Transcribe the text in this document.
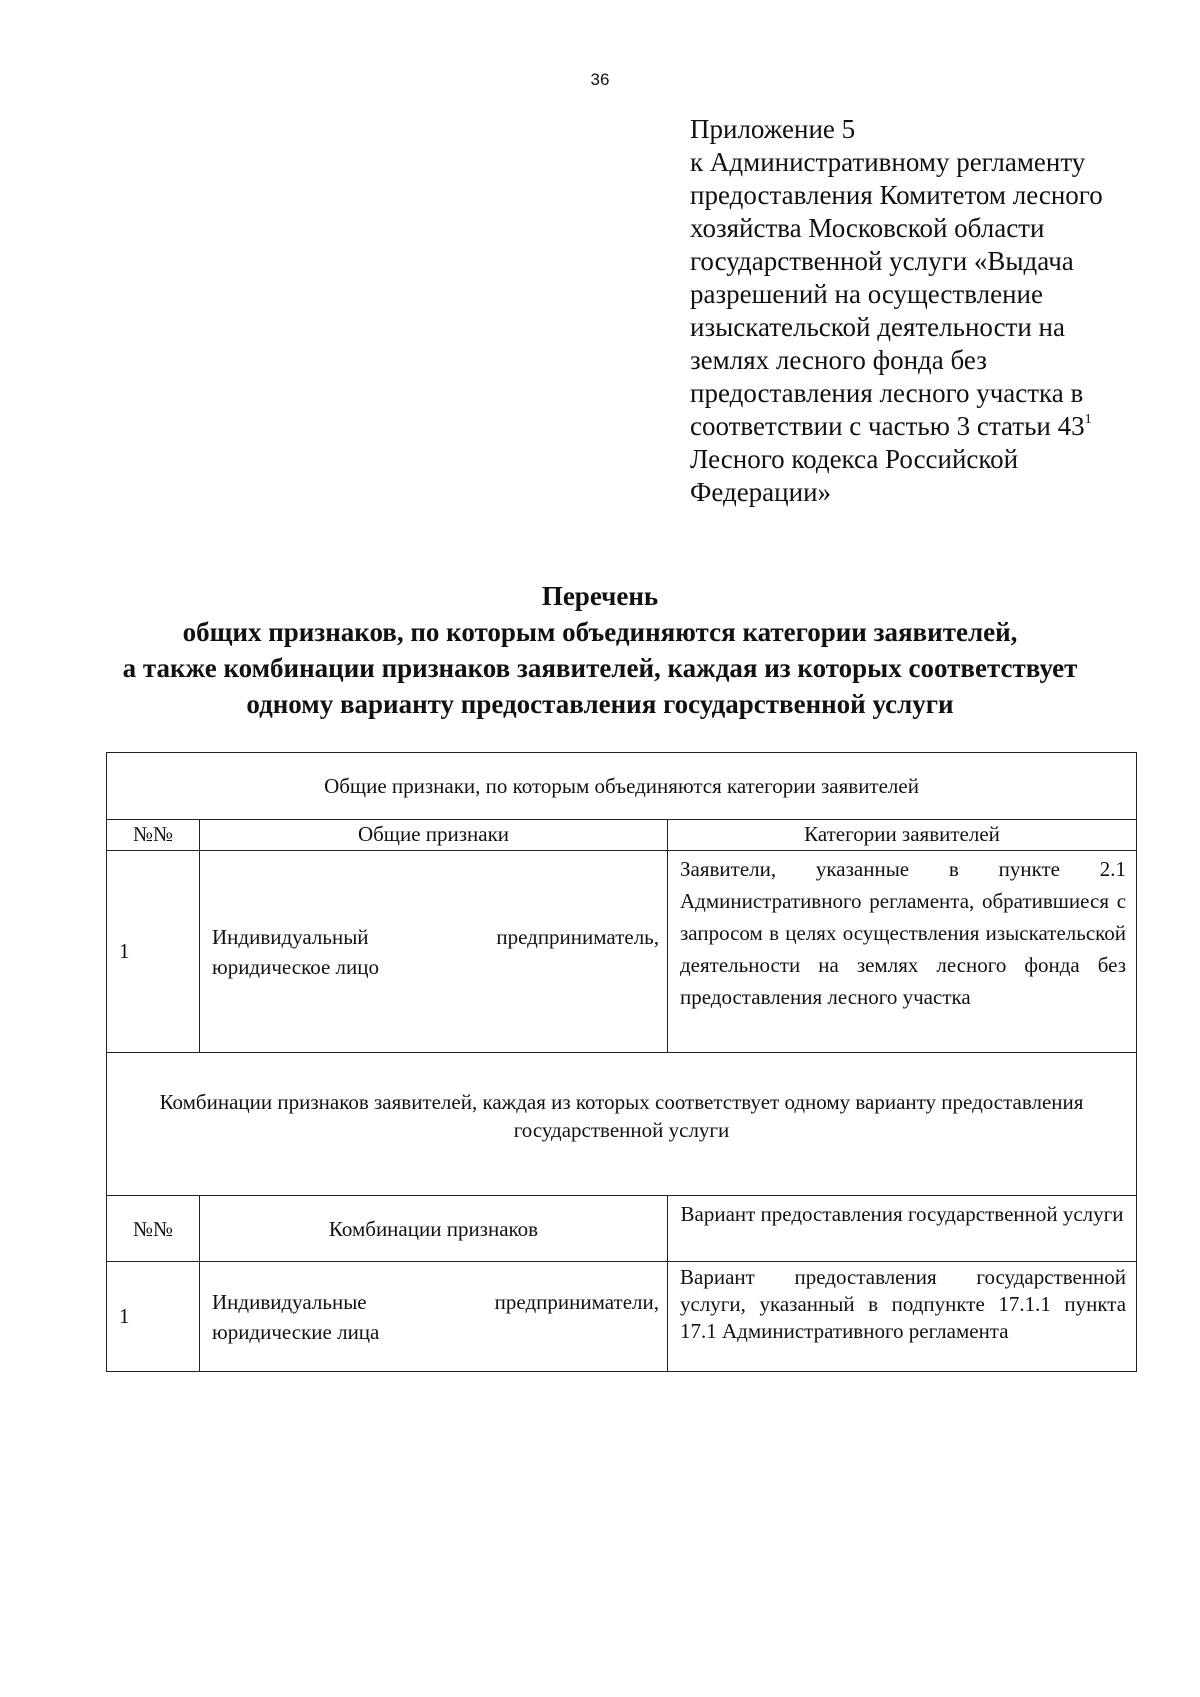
36
Приложение 5
к Административному регламенту
предоставления Комитетом лесного
хозяйства Московской области
государственной услуги «Выдача
разрешений на осуществление
изыскательской деятельности на
землях лесного фонда без
предоставления лесного участка в
соответствии с частью 3 статьи $43^1$
Лесного кодекса Российской
Федерации»
Перечень
общих признаков, по которым объединяются категории заявителей,
а также комбинации признаков заявителей, каждая из которых соответствует
одному варианту предоставления государственной услуги
Общие признаки, по которым объединяются категории заявителей		
№№	Общие признаки	Категории заявителей
1	Индивидуальный предприниматель, юридическое лицо	Заявители, указанные в пункте 2.1 Административного регламента, обратившиеся с запросом в целях осуществления изыскательской деятельности на землях лесного фонда без предоставления лесного участка
Комбинации признаков заявителей, каждая из которых соответствует одному варианту предоставления государственной услуги		
№№	Комбинации признаков	Вариант предоставления государственной услуги
1	Индивидуальные предприниматели, юридические лица	Вариант предоставления государственной услуги, указанный в подпункте 17.1.1 пункта 17.1 Административного регламента
